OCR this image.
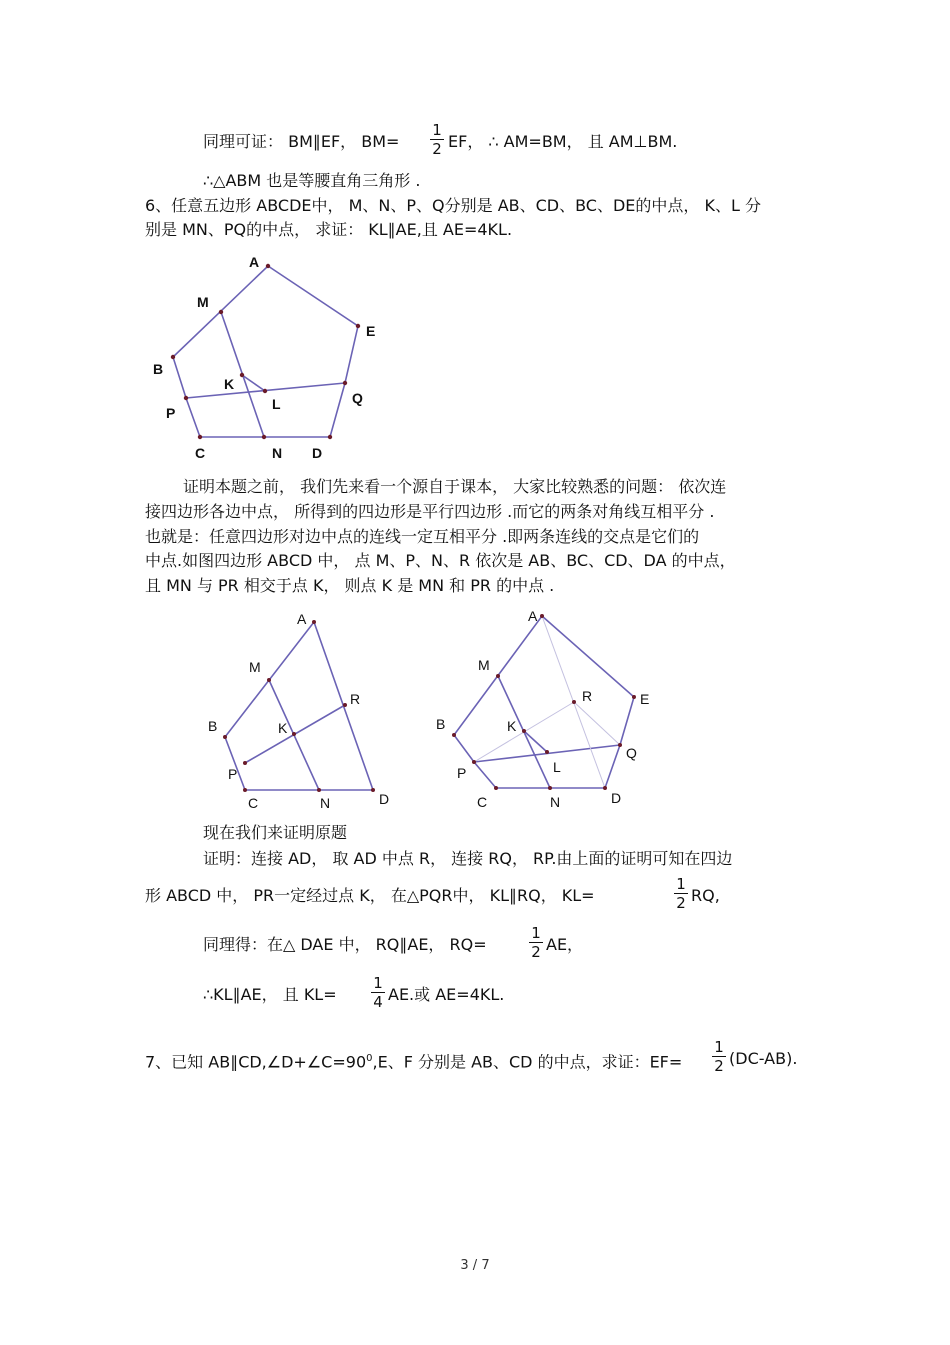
同理可证： BM∥EF， BM=
1
2 EF， ∴ AM=BM， 且 AM⊥BM.
∴△ABM 也是等腰直角三角形 .
6、任意五边形 ABCDE中， M、N、P、Q分别是 AB、CD、BC、DE的中点， K、L 分
别是 MN、PQ的中点， 求证： KL∥AE,且 AE=4KL.
A
M
E
B
K
Q
L
P
C	N D
A
M
R
B	K
P
C	N	D
A
M
R	E
B	K
Q
L
P
C	N	D
证明本题之前， 我们先来看一个源自于课本， 大家比较熟悉的问题： 依次连
接四边形各边中点， 所得到的四边形是平行四边形 .而它的两条对角线互相平分 .
也就是：任意四边形对边中点的连线一定互相平分 .即两条连线的交点是它们的
中点.如图四边形 ABCD 中， 点 M、P、N、R 依次是 AB、BC、CD、DA 的中点，
且 MN 与 PR 相交于点 K， 则点 K 是 MN 和 PR 的中点 .
现在我们来证明原题
证明：连接 AD， 取 AD 中点 R， 连接 RQ， RP.由上面的证明可知在四边
形 ABCD 中， PR一定经过点 K， 在△PQR中， KL∥RQ， KL=
1
2 RQ,
同理得：在△ DAE 中， RQ∥AE， RQ=
1
2 AE，
∴KL∥AE， 且 KL=
1
4 AE.或 AE=4KL.
7、已知 $AB\parallel CD,\angle D+\angle C=90^0,E$、F 分别是 AB、CD 的中点，求证：EF=
1
2 (DC-AB).
3 / 7
